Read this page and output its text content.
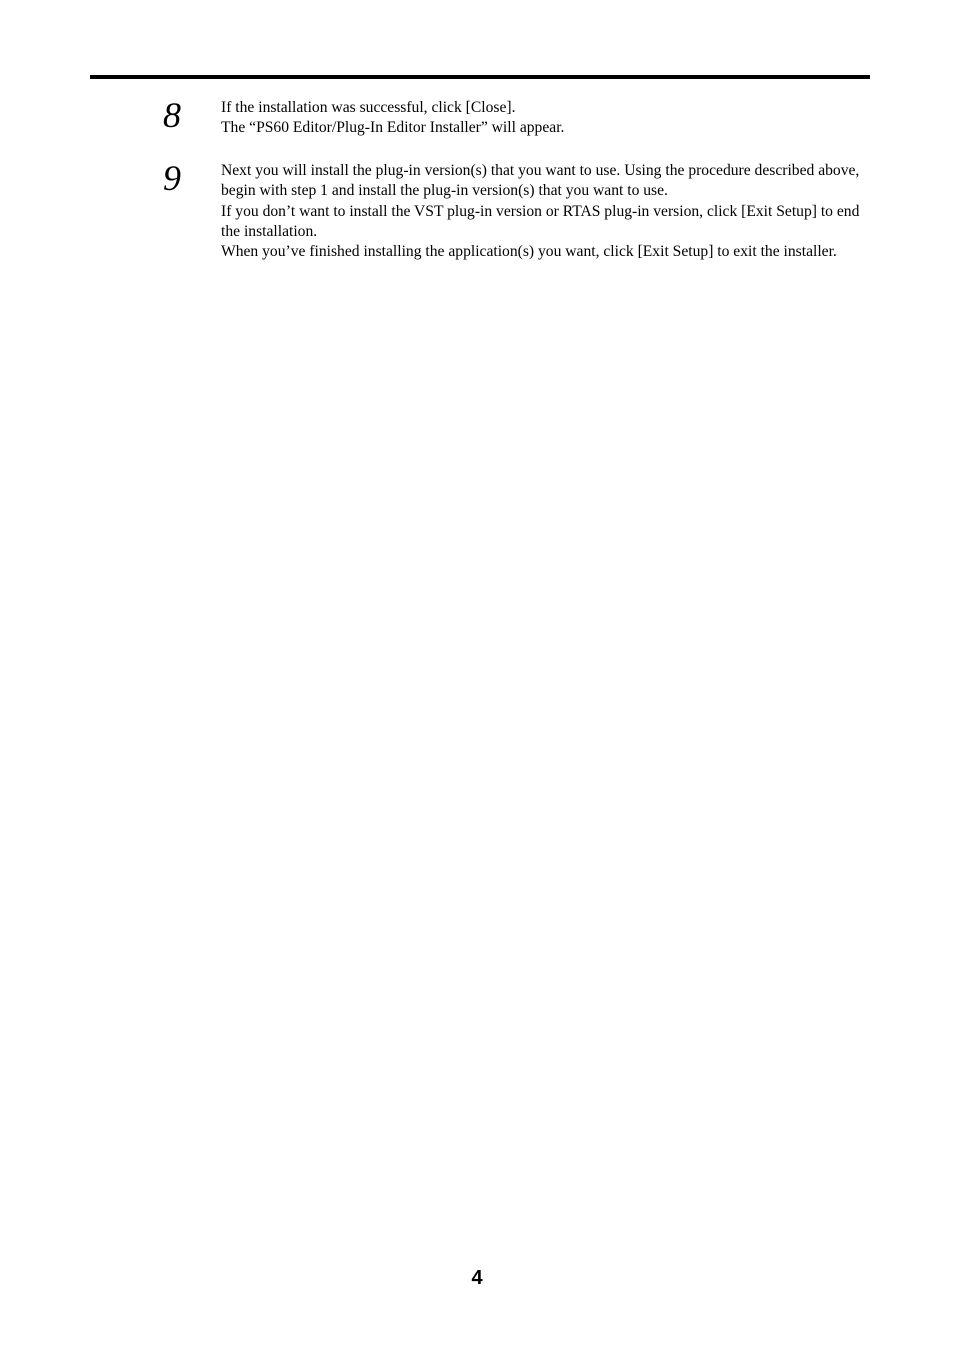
8	If the installation was successful, click [Close].

The “PS60 Editor/Plug-In Editor Installer” will appear.

9	Next you will install the plug-in version(s) that you want to use. Using the procedure described above, begin with step 1 and install the plug-in version(s) that you want to use.

If you don’t want to install the VST plug-in version or RTAS plug-in version, click [Exit Setup] to end the installation.

When you’ve finished installing the application(s) you want, click [Exit Setup] to exit the installer.

4
